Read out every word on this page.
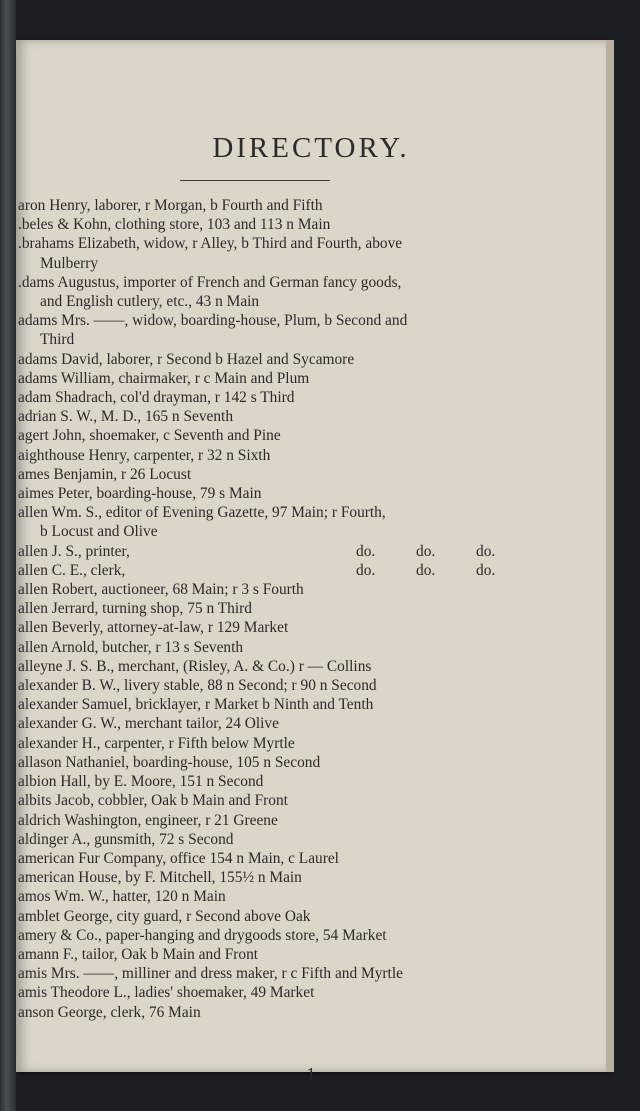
DIRECTORY.
aron Henry, laborer, r Morgan, b Fourth and Fifth
.beles & Kohn, clothing store, 103 and 113 n Main
.brahams Elizabeth, widow, r Alley, b Third and Fourth, above
Mulberry
.dams Augustus, importer of French and German fancy goods,
and English cutlery, etc., 43 n Main
adams Mrs. ——, widow, boarding-house, Plum, b Second and
Third
adams David, laborer, r Second b Hazel and Sycamore
adams William, chairmaker, r c Main and Plum
adam Shadrach, col'd drayman, r 142 s Third
adrian S. W., M. D., 165 n Seventh
agert John, shoemaker, c Seventh and Pine
aighthouse Henry, carpenter, r 32 n Sixth
ames Benjamin, r 26 Locust
aimes Peter, boarding-house, 79 s Main
allen Wm. S., editor of Evening Gazette, 97 Main; r Fourth,
b Locust and Olive
allen J. S., printer,	do.	do.	do.
allen C. E., clerk,	do.	do.	do.
allen Robert, auctioneer, 68 Main; r 3 s Fourth
allen Jerrard, turning shop, 75 n Third
allen Beverly, attorney-at-law, r 129 Market
allen Arnold, butcher, r 13 s Seventh
alleyne J. S. B., merchant, (Risley, A. & Co.) r — Collins
alexander B. W., livery stable, 88 n Second; r 90 n Second
alexander Samuel, bricklayer, r Market b Ninth and Tenth
alexander G. W., merchant tailor, 24 Olive
alexander H., carpenter, r Fifth below Myrtle
allason Nathaniel, boarding-house, 105 n Second
albion Hall, by E. Moore, 151 n Second
albits Jacob, cobbler, Oak b Main and Front
aldrich Washington, engineer, r 21 Greene
aldinger A., gunsmith, 72 s Second
american Fur Company, office 154 n Main, c Laurel
american House, by F. Mitchell, 155½ n Main
amos Wm. W., hatter, 120 n Main
amblet George, city guard, r Second above Oak
amery & Co., paper-hanging and drygoods store, 54 Market
amann F., tailor, Oak b Main and Front
amis Mrs. ——, milliner and dress maker, r c Fifth and Myrtle
amis Theodore L., ladies' shoemaker, 49 Market
anson George, clerk, 76 Main
1
